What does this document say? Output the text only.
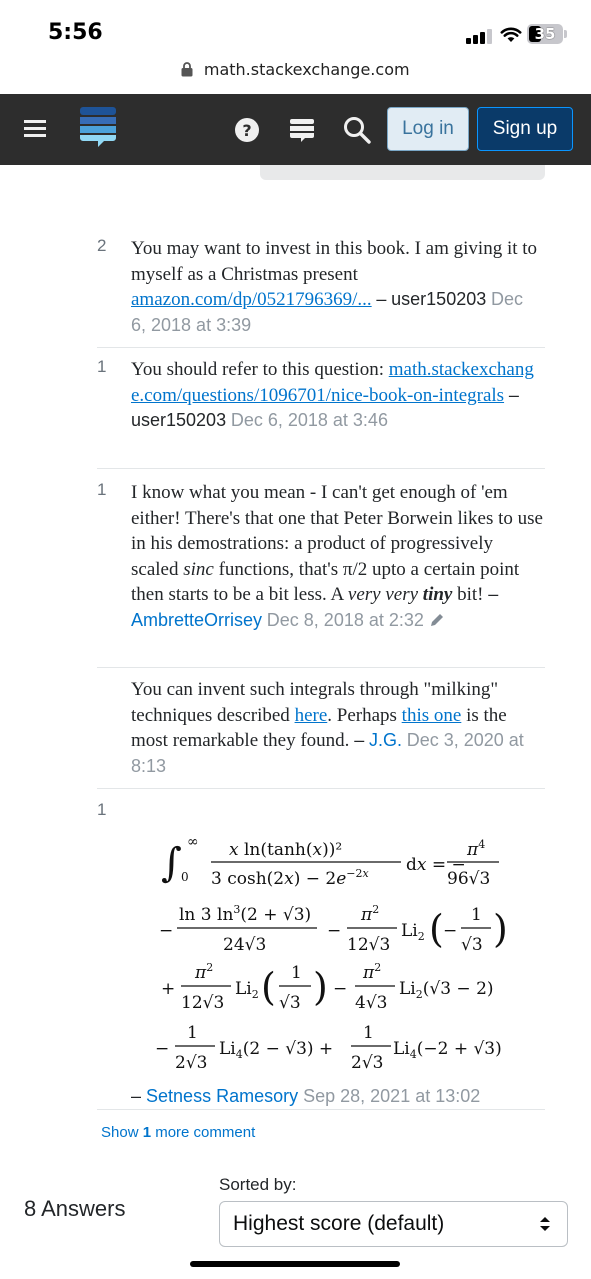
5:56	35
math.stackexchange.com
?	Log in	Sign up
2 You may want to invest in this book. I am giving it to myself as a Christmas present amazon.com/dp/0521796369/... – user150203 Dec 6, 2018 at 3:39
1 You should refer to this question: math.stackexchange.com/questions/1096701/nice-book-on-integrals – user150203 Dec 6, 2018 at 3:46
1 I know what you mean - I can't get enough of 'em either! There's that one that Peter Borwein likes to use in his demostrations: a product of progressively scaled sinc functions, that's π/2 upto a certain point then starts to be a bit less. A very very tiny bit! – AmbretteOrrisey Dec 8, 2018 at 2:32
You can invent such integrals through "milking" techniques described here. Perhaps this one is the most remarkable they found. – J.G. Dec 3, 2020 at 8:13
1
∫ 0
∞ x ln(tanh(x))²
3 $\cosh(2x) - 2e^{-2x}$ dx = −
$\pi^4$
96√3
−
ln 3 $\ln^3(2 + √3)$
24√3
−
$\pi^2$
12√3
$Li_2$ ( −
1
√3 )
+
$\pi^2$
12√3
$Li_2$ ( 1
√3 ) −
$\pi^2$
4√3
$Li_2(√3 - 2)$
−
1
2√3
$Li_4(2 - √3)$ +
1
2√3
$Li_4(-2 + √3)$
– Setness Ramesory Sep 28, 2021 at 13:02
Show 1 more comment
8 Answers
Sorted by:
Highest score (default)
